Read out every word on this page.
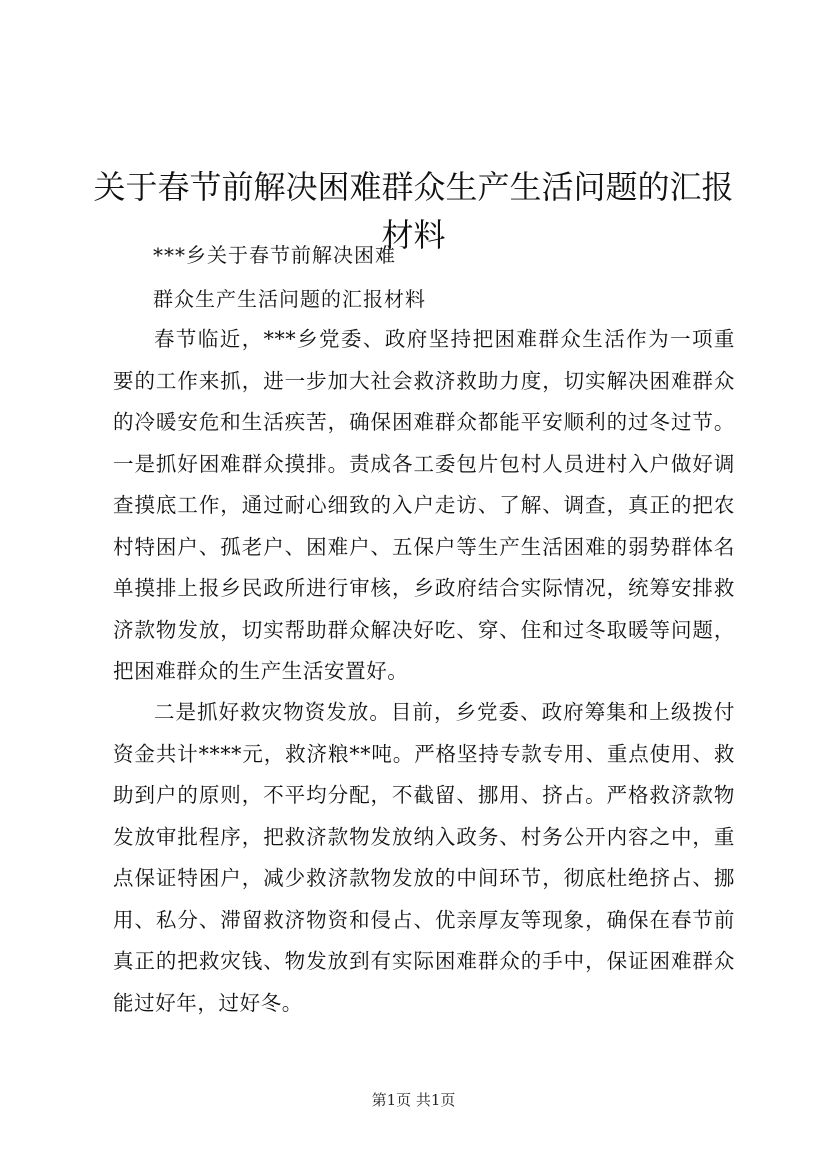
关于春节前解决困难群众生产生活问题的汇报材料
***乡关于春节前解决困难
群众生产生活问题的汇报材料

春节临近，***乡党委、政府坚持把困难群众生活作为一项重要的工作来抓，进一步加大社会救济救助力度，切实解决困难群众的冷暖安危和生活疾苦，确保困难群众都能平安顺利的过冬过节。一是抓好困难群众摸排。责成各工委包片包村人员进村入户做好调查摸底工作，通过耐心细致的入户走访、了解、调查，真正的把农村特困户、孤老户、困难户、五保户等生产生活困难的弱势群体名单摸排上报乡民政所进行审核，乡政府结合实际情况，统筹安排救济款物发放，切实帮助群众解决好吃、穿、住和过冬取暖等问题，把困难群众的生产生活安置好。

二是抓好救灾物资发放。目前，乡党委、政府筹集和上级拨付资金共计****元，救济粮**吨。严格坚持专款专用、重点使用、救助到户的原则，不平均分配，不截留、挪用、挤占。严格救济款物发放审批程序，把救济款物发放纳入政务、村务公开内容之中，重点保证特困户，减少救济款物发放的中间环节，彻底杜绝挤占、挪用、私分、滞留救济物资和侵占、优亲厚友等现象，确保在春节前真正的把救灾钱、物发放到有实际困难群众的手中，保证困难群众能过好年，过好冬。

第1页 共1页
